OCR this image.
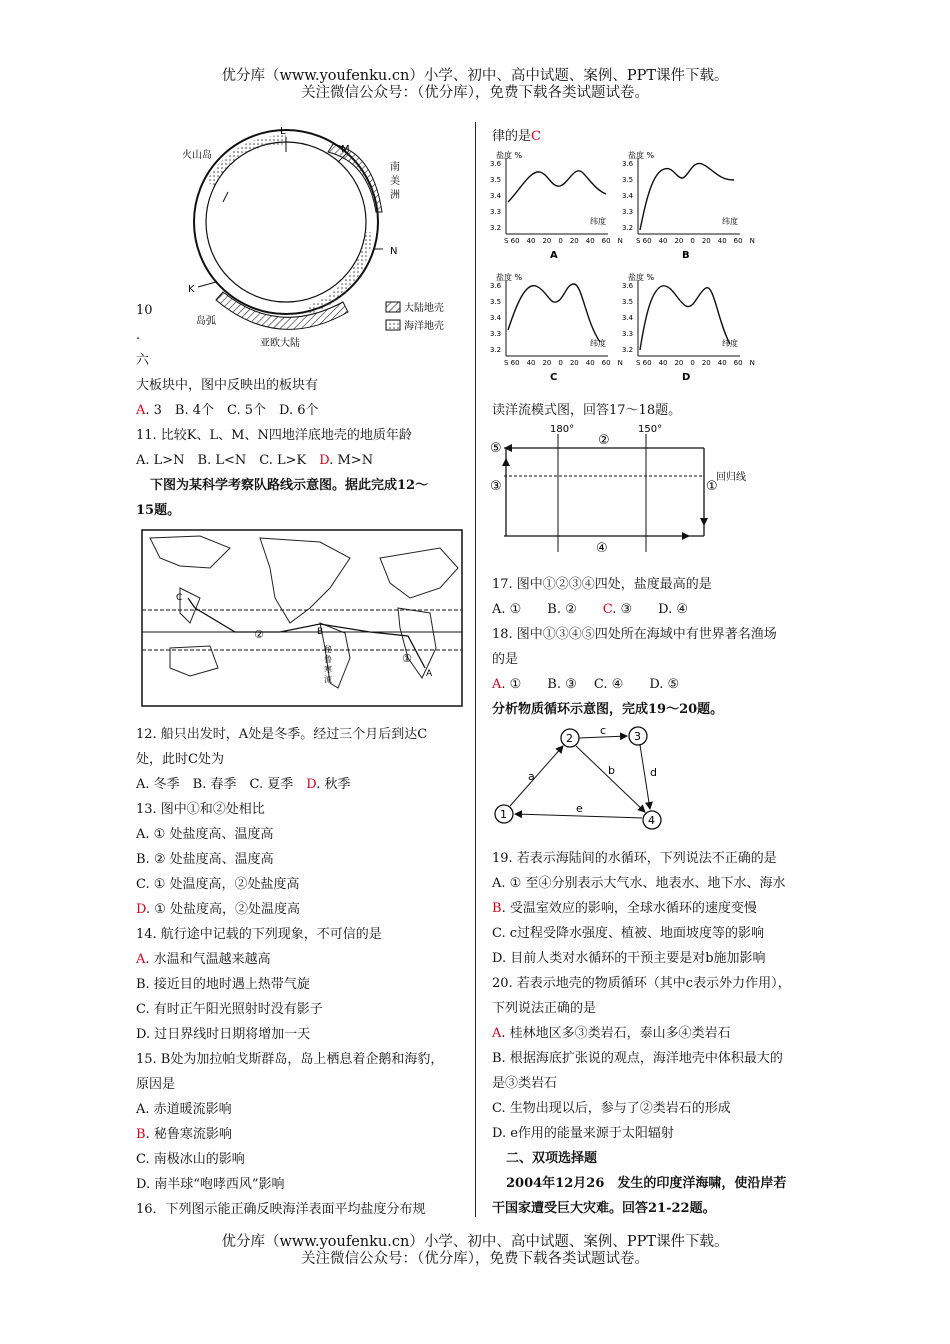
优分库（www.youfenku.cn）小学、初中、高中试题、案例、PPT课件下载。
关注微信公众号：（优分库），免费下载各类试题试卷。
火山岛
L
M
南
美
洲
N
K
岛弧
亚欧大陆
大陆地壳
海洋地壳
10
.
六
大板块中，图中反映出的板块有
A. 3　B. 4个　C. 5个　D. 6个
11. 比较K、L、M、N四地洋底地壳的地质年龄
A. L>N　B. L<N　C. L>K　D. M>N
下图为某科学考察队路线示意图。据此完成12～
15题。
C
B
A
①
②
秘
鲁
寒
流
12. 船只出发时，A处是冬季。经过三个月后到达C
处，此时C处为
A. 冬季　B. 春季　C. 夏季　D. 秋季
13. 图中①和②处相比
A. ① 处盐度高、温度高
B. ② 处盐度高、温度高
C. ① 处温度高，②处盐度高
D. ① 处盐度高，②处温度高
14. 航行途中记载的下列现象，不可信的是
A. 水温和气温越来越高
B. 接近目的地时遇上热带气旋
C. 有时正午阳光照射时没有影子
D. 过日界线时日期将增加一天
15. B处为加拉帕戈斯群岛，岛上栖息着企鹅和海豹，
原因是
A. 赤道暖流影响
B. 秘鲁寒流影响
C. 南极冰山的影响
D. 南半球“咆哮西风”影响
16．下列图示能正确反映海洋表面平均盐度分布规
律的是C
盐度 %
3.6
3.5
3.4
3.3
3.2
纬度
S 60　40　20　0　20　40　60　N
A
盐度 %
3.6
3.5
3.4
3.3
3.2
纬度
S 60　40　20　0　20　40　60　N
B
盐度 %
3.6
3.5
3.4
3.3
3.2
纬度
S 60　40　20　0　20　40　60　N
C
盐度 %
3.6
3.5
3.4
3.3
3.2
纬度
S 60　40　20　0　20　40　60　N
D
读洋流模式图，回答17～18题。
180°	150°
回归线
①
②
③
④
⑤
17. 图中①②③④四处，盐度最高的是
A. ①　　B. ②　　C. ③　　D. ④
18. 图中①③④⑤四处所在海域中有世界著名渔场
的是
A. ①　　B. ③　 C. ④　　D. ⑤
分析物质循环示意图，完成19～20题。
2	3
1	4
a	b
c
d
e
19. 若表示海陆间的水循环，下列说法不正确的是
A. ① 至④分别表示大气水、地表水、地下水、海水
B. 受温室效应的影响，全球水循环的速度变慢
C. c过程受降水强度、植被、地面坡度等的影响
D. 目前人类对水循环的干预主要是对b施加影响
20. 若表示地壳的物质循环（其中c表示外力作用），
下列说法正确的是
A. 桂林地区多③类岩石，泰山多④类岩石
B. 根据海底扩张说的观点，海洋地壳中体积最大的
是③类岩石
C. 生物出现以后，参与了②类岩石的形成
D. e作用的能量来源于太阳辐射
二、双项选择题
2004年12月26　发生的印度洋海啸，使沿岸若
干国家遭受巨大灾难。回答21-22题。
优分库（www.youfenku.cn）小学、初中、高中试题、案例、PPT课件下载。
关注微信公众号：（优分库），免费下载各类试题试卷。
